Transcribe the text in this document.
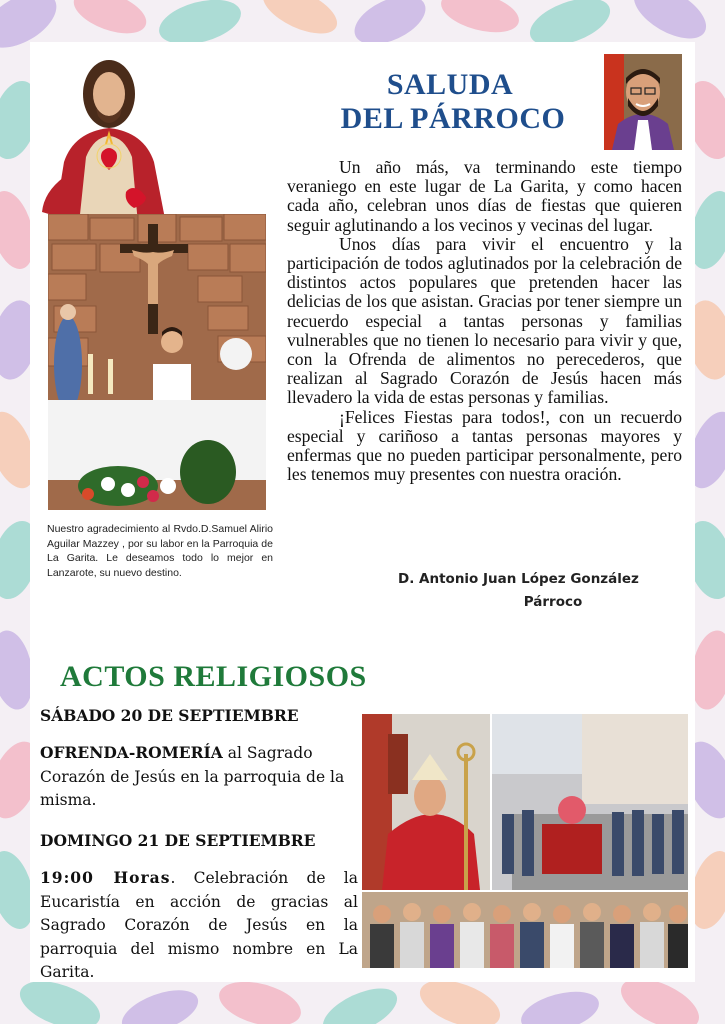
SALUDA
DEL PÁRROCO

Un año más, va terminando este tiempo veraniego en este lugar de La Garita, y como hacen cada año, celebran unos días de fiestas que quieren seguir aglutinando a los vecinos y vecinas del lugar.

Unos días para vivir el encuentro y la participación de todos aglutinados por la celebración de distintos actos populares que pretenden hacer las delicias de los que asistan. Gracias por tener siempre un recuerdo especial a tantas personas y familias vulnerables que no tienen lo necesario para vivir y que, con la Ofrenda de alimentos no perecederos, que realizan al Sagrado Corazón de Jesús hacen más llevadero la vida de estas personas y familias.

¡Felices Fiestas para todos!, con un recuerdo especial y cariñoso a tantas personas mayores y enfermas que no pueden participar personalmente, pero les tenemos muy presentes con nuestra oración.

D. Antonio Juan López González
Párroco
Nuestro agradecimiento al Rvdo.D.Samuel Alirio Aguilar Mazzey , por su labor en la Parroquia de La Garita. Le deseamos todo lo mejor en Lanzarote, su nuevo destino.
ACTOS RELIGIOSOS
SÁBADO 20 DE SEPTIEMBRE
OFRENDA-ROMERÍA al Sagrado Corazón de Jesús en la parroquia de la misma.
DOMINGO 21 DE SEPTIEMBRE
19:00 Horas. Celebración de la Eucaristía en acción de gracias al Sagrado Corazón de Jesús en la parroquia del mismo nombre en La Garita.
